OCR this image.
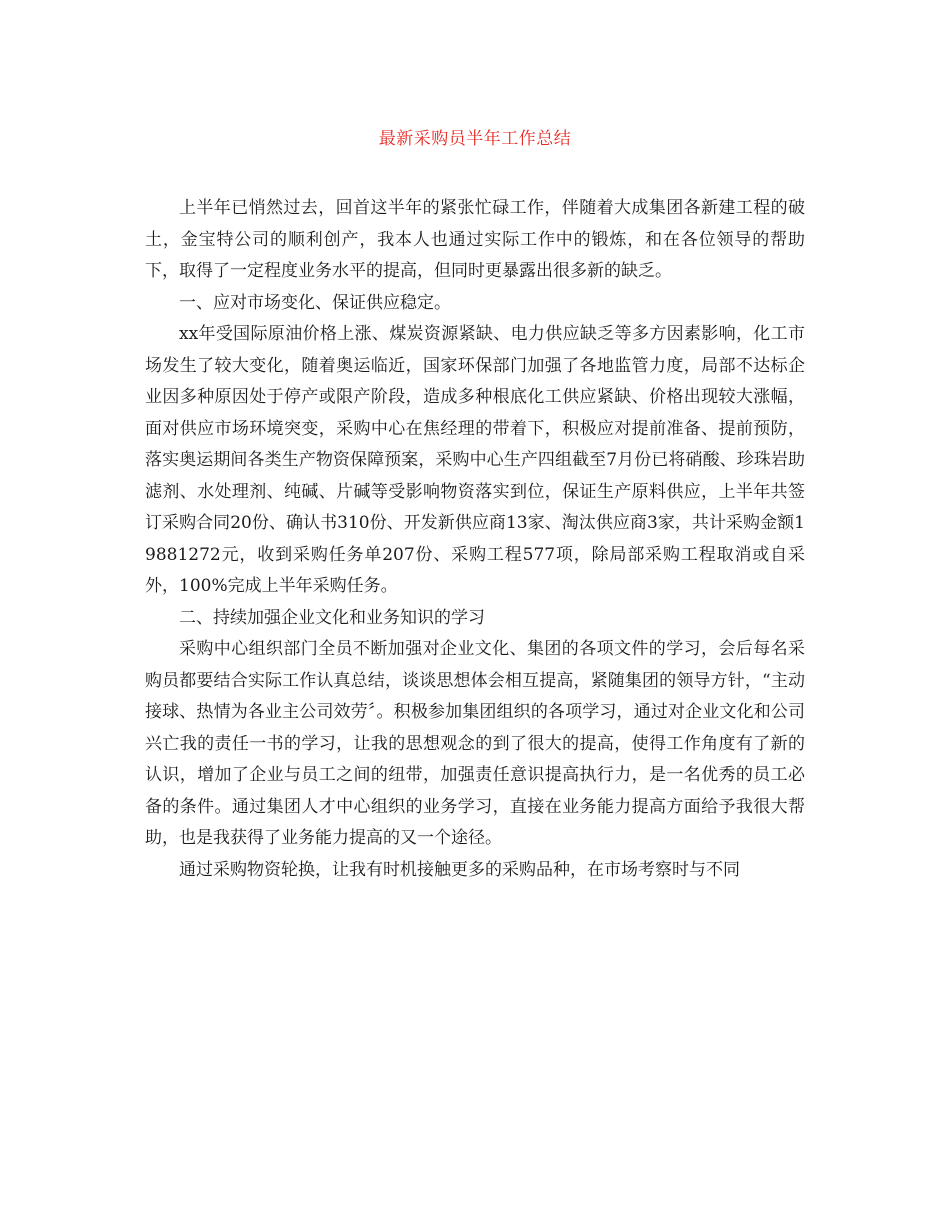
最新采购员半年工作总结

上半年已悄然过去，回首这半年的紧张忙碌工作，伴随着大成集团各新建工程的破土，金宝特公司的顺利创产，我本人也通过实际工作中的锻炼，和在各位领导的帮助下，取得了一定程度业务水平的提高，但同时更暴露出很多新的缺乏。

一、应对市场变化、保证供应稳定。

xx年受国际原油价格上涨、煤炭资源紧缺、电力供应缺乏等多方因素影响，化工市场发生了较大变化，随着奥运临近，国家环保部门加强了各地监管力度，局部不达标企业因多种原因处于停产或限产阶段，造成多种根底化工供应紧缺、价格出现较大涨幅，面对供应市场环境突变，采购中心在焦经理的带着下，积极应对提前准备、提前预防，落实奥运期间各类生产物资保障预案，采购中心生产四组截至7月份已将硝酸、珍珠岩助滤剂、水处理剂、纯碱、片碱等受影响物资落实到位，保证生产原料供应，上半年共签订采购合同20份、确认书310份、开发新供应商13家、淘汰供应商3家，共计采购金额19881272元，收到采购任务单207份、采购工程577项，除局部采购工程取消或自采外，100%完成上半年采购任务。

二、持续加强企业文化和业务知识的学习

采购中心组织部门全员不断加强对企业文化、集团的各项文件的学习，会后每名采购员都要结合实际工作认真总结，谈谈思想体会相互提高，紧随集团的领导方针，“主动接球、热情为各业主公司效劳〞。积极参加集团组织的各项学习，通过对企业文化和公司兴亡我的责任一书的学习，让我的思想观念的到了很大的提高，使得工作角度有了新的认识，增加了企业与员工之间的纽带，加强责任意识提高执行力，是一名优秀的员工必备的条件。通过集团人才中心组织的业务学习，直接在业务能力提高方面给予我很大帮助，也是我获得了业务能力提高的又一个途径。

通过采购物资轮换，让我有时机接触更多的采购品种，在市场考察时与不同
